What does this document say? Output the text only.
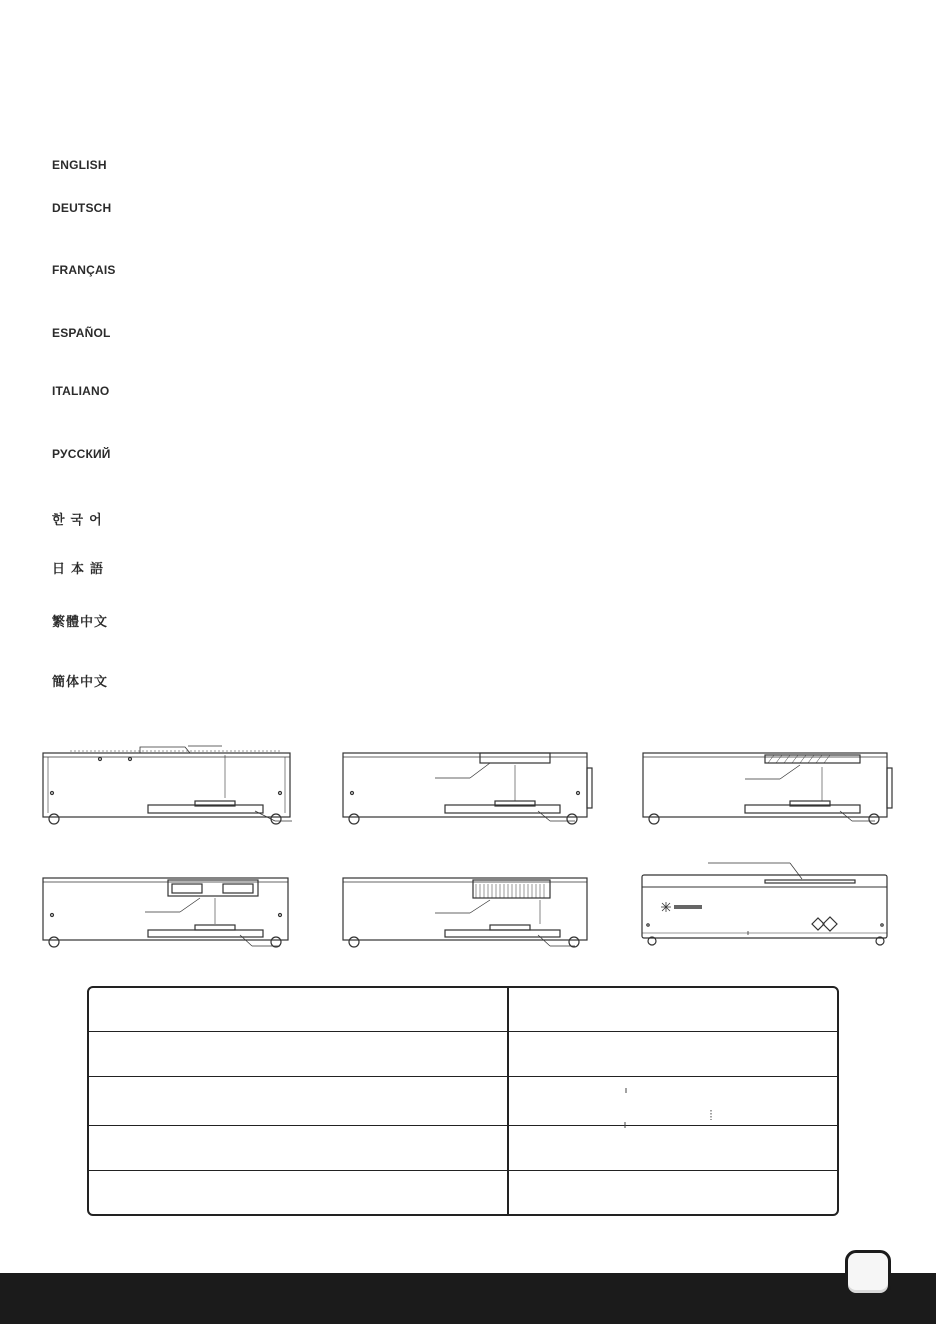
ENGLISH
DEUTSCH
FRANÇAIS
ESPAÑOL
ITALIANO
РУССКИЙ
한국어
日本語
繁體中文
簡体中文
